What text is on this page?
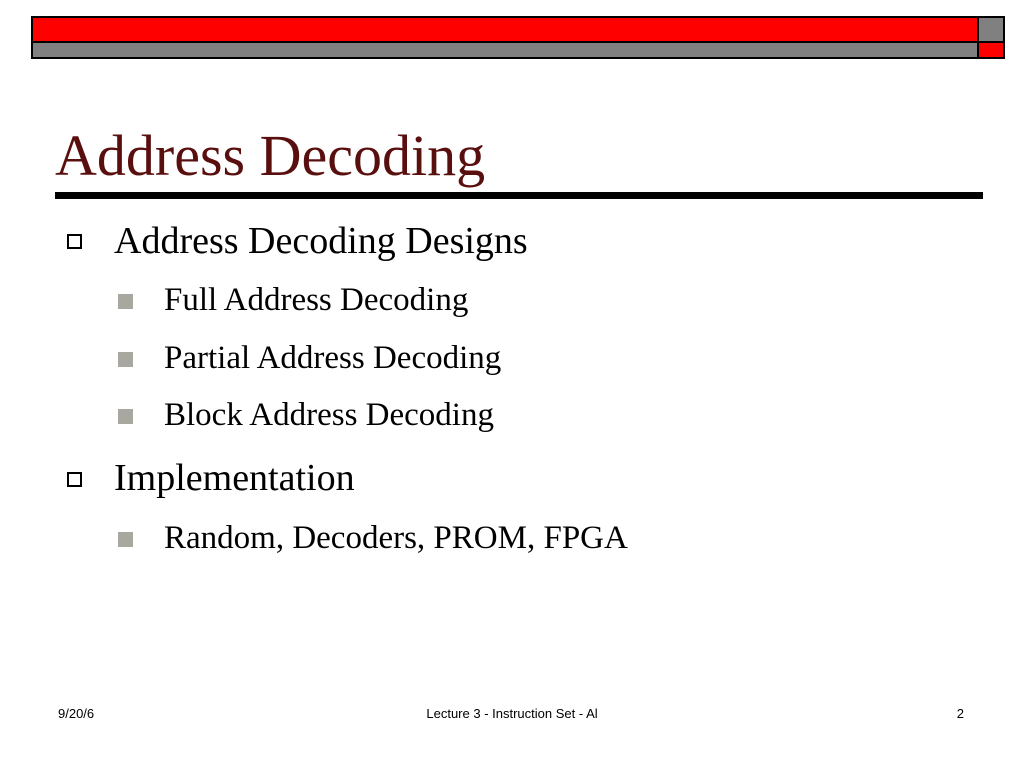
Address Decoding
Address Decoding Designs
Full Address Decoding
Partial Address Decoding
Block Address Decoding
Implementation
Random, Decoders, PROM, FPGA
9/20/6	Lecture 3 - Instruction Set - Al	2
